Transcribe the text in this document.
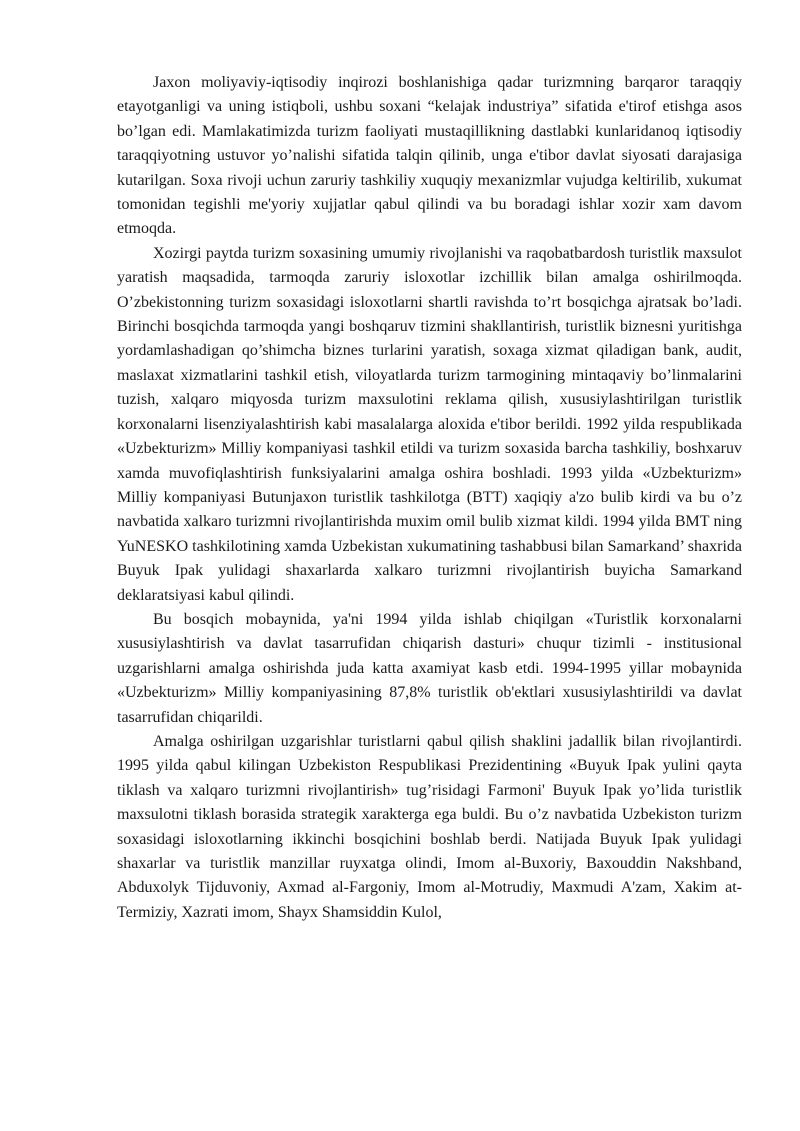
Jaxon moliyaviy-iqtisodiy inqirozi boshlanishiga qadar turizmning barqaror taraqqiy etayotganligi va uning istiqboli, ushbu soxani “kelajak industriya” sifatida e'tirof etishga asos bo’lgan edi. Mamlakatimizda turizm faoliyati mustaqillikning dastlabki kunlaridanoq iqtisodiy taraqqiyotning ustuvor yo’nalishi sifatida talqin qilinib, unga e'tibor davlat siyosati darajasiga kutarilgan. Soxa rivoji uchun zaruriy tashkiliy xuquqiy mexanizmlar vujudga keltirilib, xukumat tomonidan tegishli me'yoriy xujjatlar qabul qilindi va bu boradagi ishlar xozir xam davom etmoqda.

Xozirgi paytda turizm soxasining umumiy rivojlanishi va raqobatbardosh turistlik maxsulot yaratish maqsadida, tarmoqda zaruriy isloxotlar izchillik bilan amalga oshirilmoqda. O’zbekistonning turizm soxasidagi isloxotlarni shartli ravishda to’rt bosqichga ajratsak bo’ladi. Birinchi bosqichda tarmoqda yangi boshqaruv tizmini shakllantirish, turistlik biznesni yuritishga yordamlashadigan qo’shimcha biznes turlarini yaratish, soxaga xizmat qiladigan bank, audit, maslaxat xizmatlarini tashkil etish, viloyatlarda turizm tarmogining mintaqaviy bo’linmalarini tuzish, xalqaro miqyosda turizm maxsulotini reklama qilish, xususiylashtirilgan turistlik korxonalarni lisenziyalashtirish kabi masalalarga aloxida e'tibor berildi. 1992 yilda respublikada «Uzbekturizm» Milliy kompaniyasi tashkil etildi va turizm soxasida barcha tashkiliy, boshxaruv xamda muvofiqlashtirish funksiyalarini amalga oshira boshladi. 1993 yilda «Uzbekturizm» Milliy kompaniyasi Butunjaxon turistlik tashkilotga (BTT) xaqiqiy a'zo bulib kirdi va bu o’z navbatida xalkaro turizmni rivojlantirishda muxim omil bulib xizmat kildi. 1994 yilda BMT ning YuNESKO tashkilotining xamda Uzbekistan xukumatining tashabbusi bilan Samarkand’ shaxrida Buyuk Ipak yulidagi shaxarlarda xalkaro turizmni rivojlantirish buyicha Samarkand deklaratsiyasi kabul qilindi.

Bu bosqich mobaynida, ya'ni 1994 yilda ishlab chiqilgan «Turistlik korxonalarni xususiylashtirish va davlat tasarrufidan chiqarish dasturi» chuqur tizimli - institusional uzgarishlarni amalga oshirishda juda katta axamiyat kasb etdi. 1994-1995 yillar mobaynida «Uzbekturizm» Milliy kompaniyasining 87,8% turistlik ob'ektlari xususiylashtirildi va davlat tasarrufidan chiqarildi.

Amalga oshirilgan uzgarishlar turistlarni qabul qilish shaklini jadallik bilan rivojlantirdi. 1995 yilda qabul kilingan Uzbekiston Respublikasi Prezidentining «Buyuk Ipak yulini qayta tiklash va xalqaro turizmni rivojlantirish» tug’risidagi Farmoni' Buyuk Ipak yo’lida turistlik maxsulotni tiklash borasida strategik xarakterga ega buldi. Bu o’z navbatida Uzbekiston turizm soxasidagi isloxotlarning ikkinchi bosqichini boshlab berdi. Natijada Buyuk Ipak yulidagi shaxarlar va turistlik manzillar ruyxatga olindi, Imom al-Buxoriy, Baxouddin Nakshband, Abduxolyk Tijduvoniy, Axmad al-Fargoniy, Imom al-Motrudiy, Maxmudi A'zam, Xakim at-Termiziy, Xazrati imom, Shayx Shamsiddin Kulol,
